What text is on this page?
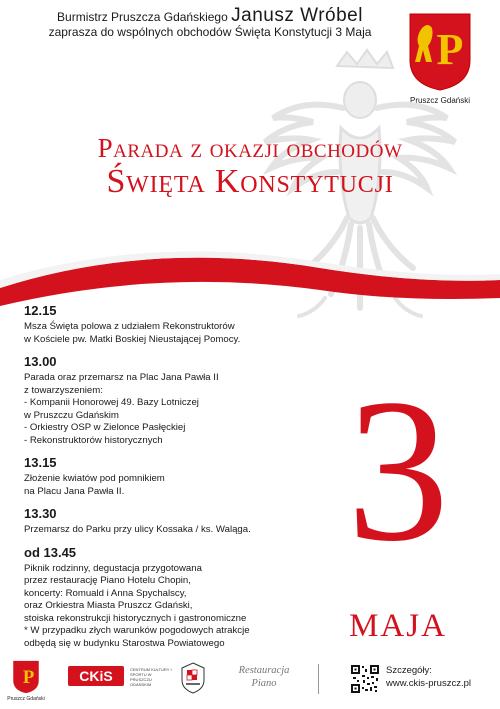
Burmistrz Pruszcza Gdańskiego Janusz Wróbel
zaprasza do wspólnych obchodów Święta Konstytucji 3 Maja	P
Pruszcz Gdański
Parada z okazji obchodów
Święta Konstytucji
12.15
Msza Święta polowa z udziałem Rekonstruktorów
w Kościele pw. Matki Boskiej Nieustającej Pomocy.
13.00
Parada oraz przemarsz na Plac Jana Pawła II
z towarzyszeniem:
- Kompanii Honorowej 49. Bazy Lotniczej
w Pruszczu Gdańskim
- Orkiestry OSP w Zielonce Pasłęckiej
- Rekonstruktorów historycznych
13.15
Złożenie kwiatów pod pomnikiem
na Placu Jana Pawła II.
13.30
Przemarsz do Parku przy ulicy Kossaka / ks. Waląga.
od 13.45
Piknik rodzinny, degustacja przygotowana
przez restaurację Piano Hotelu Chopin,
koncerty: Romuald i Anna Spychalscy,
oraz Orkiestra Miasta Pruszcz Gdański,
stoiska rekonstrukcji historycznych i gastronomiczne
* W przypadku złych warunków pogodowych atrakcje
odbędą się w budynku Starostwa Powiatowego
3
MAJA
P
Pruszcz Gdański
CKiS	CENTRUM KULTURY I SPORTU W PRUSZCZU GDAŃSKIM
Restauracja
Piano
Szczegóły:
www.ckis-pruszcz.pl
